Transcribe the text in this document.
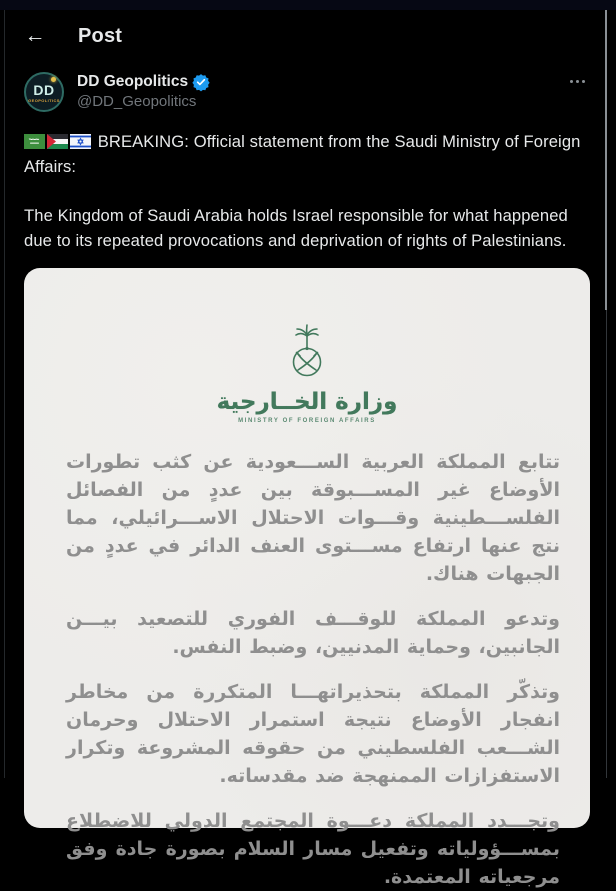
← Post
DD
GEOPOLITICS
DD Geopolitics
@DD_Geopolitics

BREAKING: Official statement from the Saudi Ministry of Foreign Affairs:

The Kingdom of Saudi Arabia holds Israel responsible for what happened due to its repeated provocations and deprivation of rights of Palestinians.

وزارة الخــارجية
MINISTRY OF FOREIGN AFFAIRS

تتابع المملكة العربية الســـعودية عن كثب تطورات الأوضاع غير المســـبوقة بين عددٍ من الفصائل الفلســـطينية وقـــوات الاحتلال الاســـرائيلي، مما نتج عنها ارتفاع مســـتوى العنف الدائر في عددٍ من الجبهات هناك.

وتدعو المملكة للوقـــف الفوري للتصعيد بيـــن الجانبين، وحماية المدنيين، وضبط النفس.

وتذكّر المملكة بتحذيراتهـــا المتكررة من مخاطر انفجار الأوضاع نتيجة استمرار الاحتلال وحرمان الشـــعب الفلسطيني من حقوقه المشروعة وتكرار الاستفزازات الممنهجة ضد مقدساته.

وتجـــدد المملكة دعـــوة المجتمع الدولي للاضطلاع بمســـؤولياته وتفعيل مسار السلام بصورة جادة وفق مرجعياته المعتمدة.
